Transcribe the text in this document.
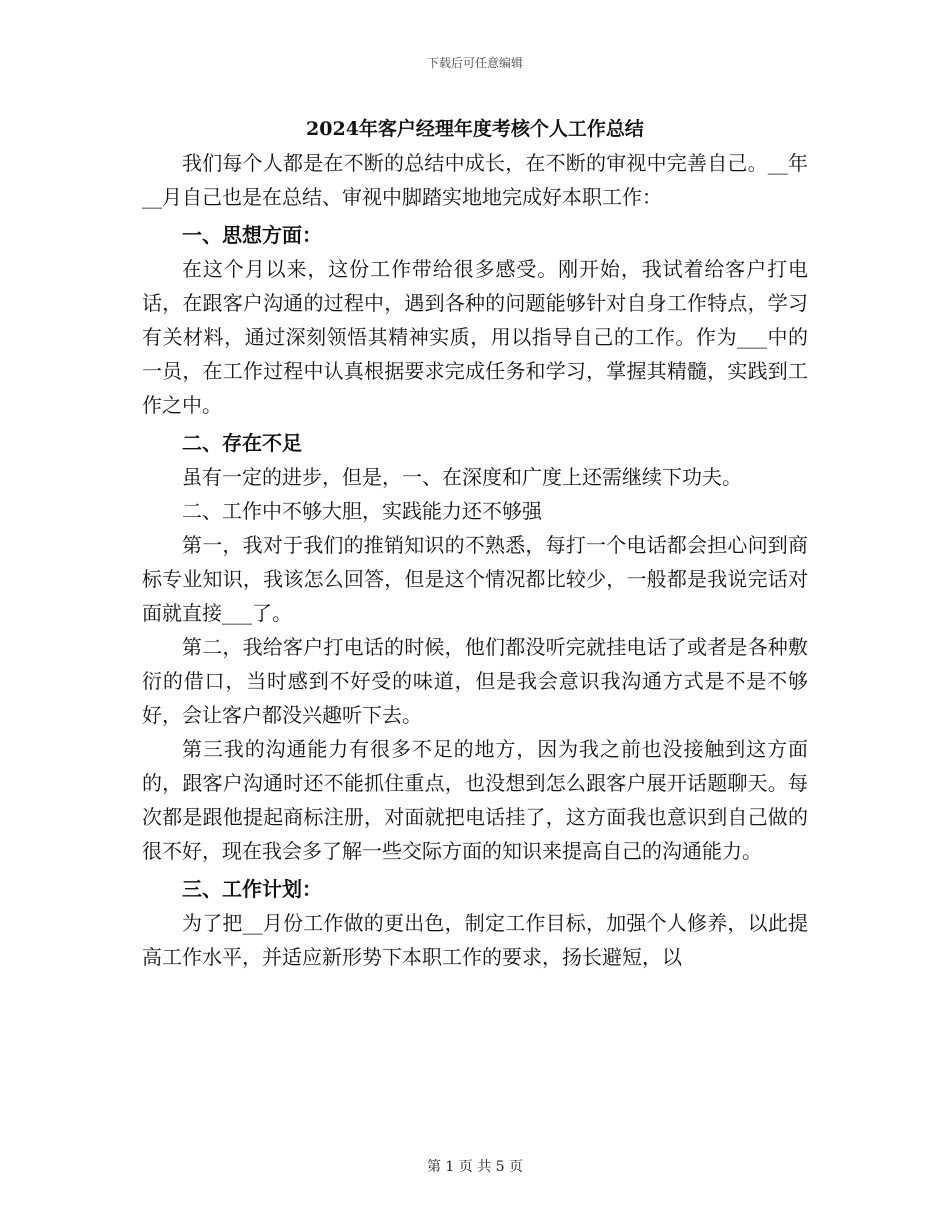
下载后可任意编辑
2024年客户经理年度考核个人工作总结

我们每个人都是在不断的总结中成长，在不断的审视中完善自己。__年__月自己也是在总结、审视中脚踏实地地完成好本职工作：

一、思想方面：

在这个月以来，这份工作带给很多感受。刚开始，我试着给客户打电话，在跟客户沟通的过程中，遇到各种的问题能够针对自身工作特点，学习有关材料，通过深刻领悟其精神实质，用以指导自己的工作。作为___中的一员，在工作过程中认真根据要求完成任务和学习，掌握其精髓，实践到工作之中。

二、存在不足

虽有一定的进步，但是，一、在深度和广度上还需继续下功夫。

二、工作中不够大胆，实践能力还不够强

第一，我对于我们的推销知识的不熟悉，每打一个电话都会担心问到商标专业知识，我该怎么回答，但是这个情况都比较少，一般都是我说完话对面就直接___了。

第二，我给客户打电话的时候，他们都没听完就挂电话了或者是各种敷衍的借口，当时感到不好受的味道，但是我会意识我沟通方式是不是不够好，会让客户都没兴趣听下去。

第三我的沟通能力有很多不足的地方，因为我之前也没接触到这方面的，跟客户沟通时还不能抓住重点，也没想到怎么跟客户展开话题聊天。每次都是跟他提起商标注册，对面就把电话挂了，这方面我也意识到自己做的很不好，现在我会多了解一些交际方面的知识来提高自己的沟通能力。

三、工作计划：

为了把__月份工作做的更出色，制定工作目标，加强个人修养，以此提高工作水平，并适应新形势下本职工作的要求，扬长避短，以

第 1 页 共 5 页
